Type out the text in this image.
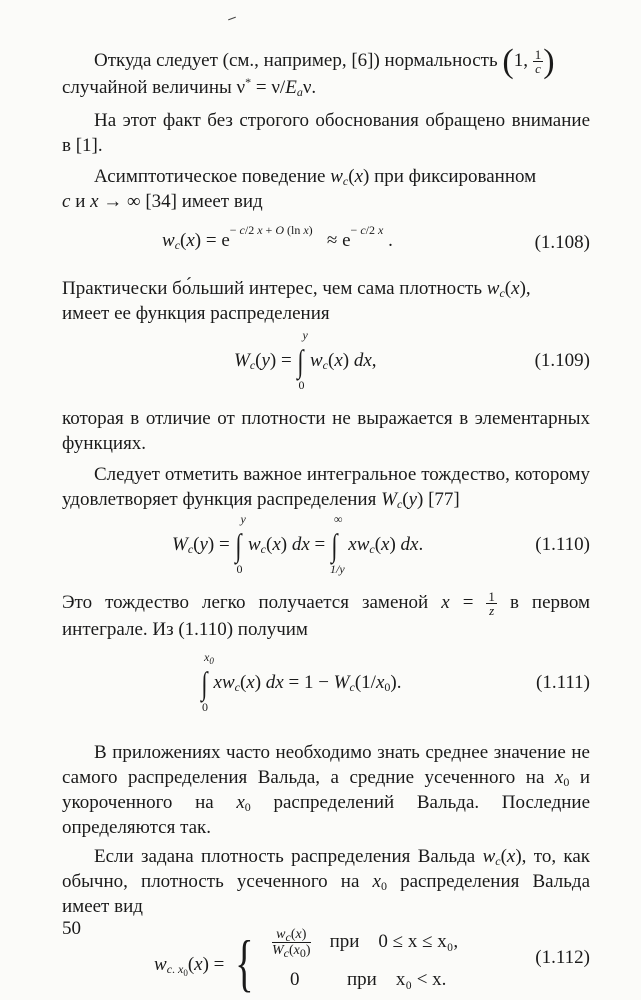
Откуда следует (см., например, [6]) нормальность (1, $\frac{1}{c}$ )
случайной величины $\nu^* = \nu/E_a\nu$.

На этот факт без строгого обоснования обращено внимание в [1].

Асимптотическое поведение $w_c(x)$ при фиксированном
c и x → ∞ [34] имеет вид

$w_c(x) = e^{- c/2 x + O (ln x)} \approx e^{- c/2 x}$ .	(1.108)

Практически бо́льший интерес, чем сама плотность $w_c(x)$,
имеет ее функция распределения

$W_c(y)$ = ∫
y
0
$w_c(x)$ dx,	(1.109)

которая в отличие от плотности не выражается в элементарных функциях.

Следует отметить важное интегральное тождество, которому удовлетворяет функция распределения $W_c(y)$ [77]

$W_c(y)$ = ∫
y
0
$w_c(x)$ dx = ∫
∞
1/y
$xw_c(x)$ dx.	(1.110)

Это тождество легко получается заменой $x = \frac{1}{z}$ в первом интеграле. Из (1.110) получим

∫
$x_0$
0
$xw_c(x)$ dx = $1 - W_c(1/x_0)$.	(1.111)

В приложениях часто необходимо знать среднее значение не самого распределения Вальда, а средние усеченного на $x_0$ и укороченного на $x_0$ распределений Вальда. Последние определяются так.

Если задана плотность распределения Вальда $w_c(x)$, то, как обычно, плотность усеченного на $x_0$ распределения Вальда имеет вид

$w_{c. x_0}(x)$ = {	$\frac{w_c(x)}{W_c(x_0)}$ при 0 ≤ x ≤ x₀,
0          при x₀ < x.
(1.112)
50
